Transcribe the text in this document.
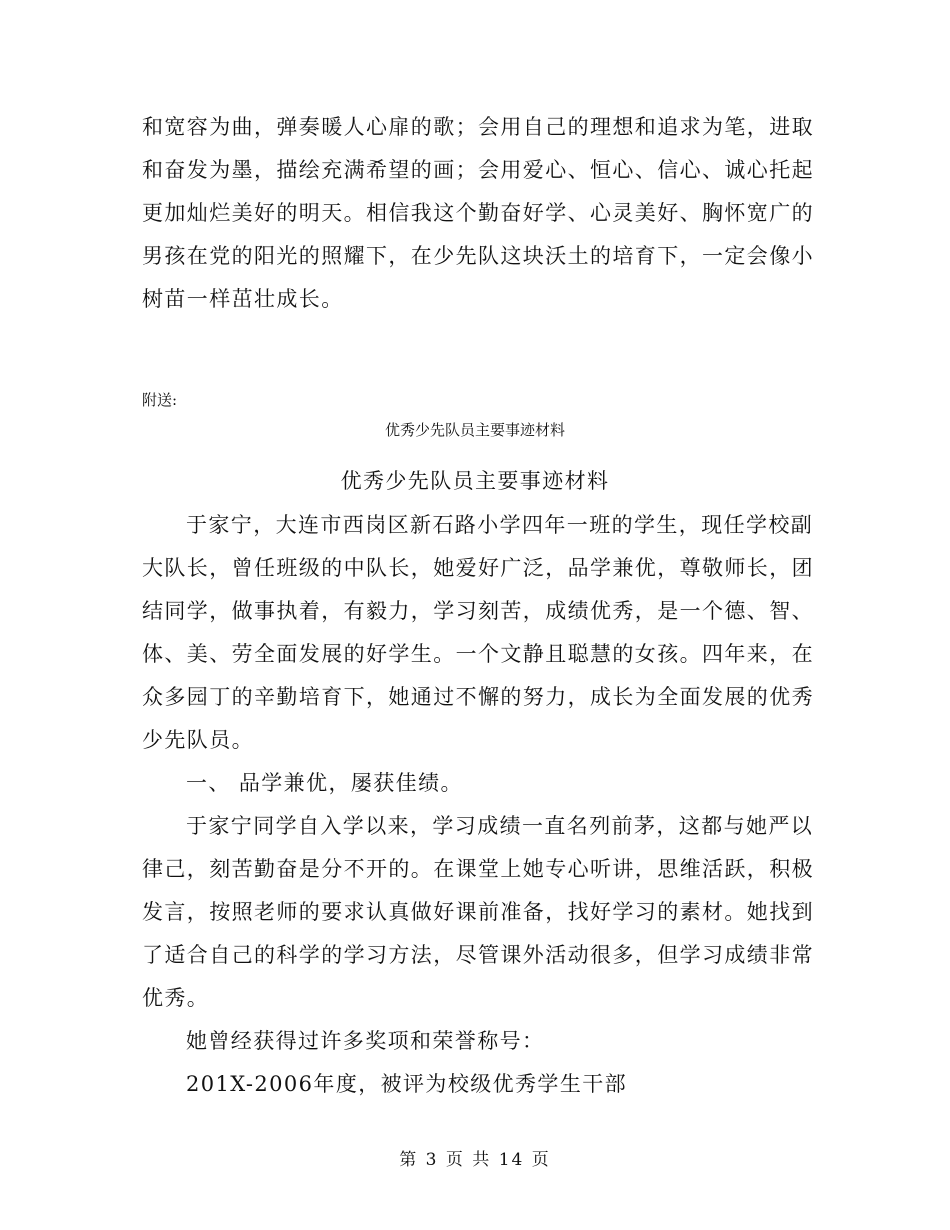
和宽容为曲，弹奏暖人心扉的歌；会用自己的理想和追求为笔，进取
和奋发为墨，描绘充满希望的画；会用爱心、恒心、信心、诚心托起
更加灿烂美好的明天。相信我这个勤奋好学、心灵美好、胸怀宽广的
男孩在党的阳光的照耀下，在少先队这块沃土的培育下，一定会像小
树苗一样茁壮成长。
附送:
优秀少先队员主要事迹材料
优秀少先队员主要事迹材料
于家宁，大连市西岗区新石路小学四年一班的学生，现任学校副
大队长，曾任班级的中队长，她爱好广泛，品学兼优，尊敬师长，团
结同学，做事执着，有毅力，学习刻苦，成绩优秀，是一个德、智、
体、美、劳全面发展的好学生。一个文静且聪慧的女孩。四年来，在
众多园丁的辛勤培育下，她通过不懈的努力，成长为全面发展的优秀
少先队员。
一、 品学兼优，屡获佳绩。
于家宁同学自入学以来，学习成绩一直名列前茅，这都与她严以
律己，刻苦勤奋是分不开的。在课堂上她专心听讲，思维活跃，积极
发言，按照老师的要求认真做好课前准备，找好学习的素材。她找到
了适合自己的科学的学习方法，尽管课外活动很多，但学习成绩非常
优秀。
她曾经获得过许多奖项和荣誉称号：
201X-2006年度，被评为校级优秀学生干部
第 3 页 共 14 页
